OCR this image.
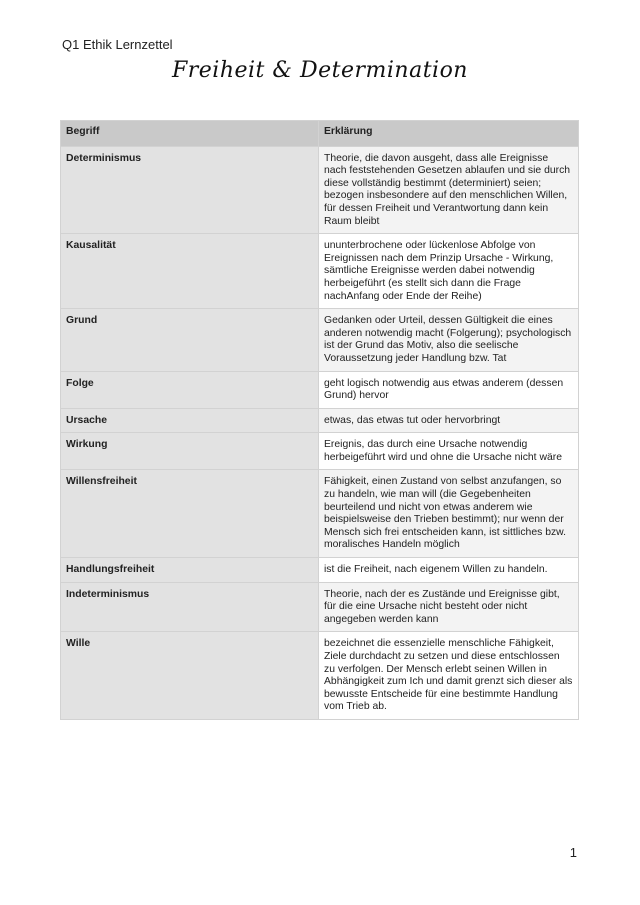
Q1 Ethik Lernzettel
Freiheit & Determination
Begriff	Erklärung
Determinismus	Theorie, die davon ausgeht, dass alle Ereignisse nach feststehenden Gesetzen ablaufen und sie durch diese vollständig bestimmt (determiniert) seien; bezogen insbesondere auf den menschlichen Willen, für dessen Freiheit und Verantwortung dann kein Raum bleibt
Kausalität	ununterbrochene oder lückenlose Abfolge von Ereignissen nach dem Prinzip Ursache - Wirkung, sämtliche Ereignisse werden dabei notwendig herbeigeführt (es stellt sich dann die Frage nachAnfang oder Ende der Reihe)
Grund	Gedanken oder Urteil, dessen Gültigkeit die eines anderen notwendig macht (Folgerung); psychologisch ist der Grund das Motiv, also die seelische Voraussetzung jeder Handlung bzw. Tat
Folge	geht logisch notwendig aus etwas anderem (dessen Grund) hervor
Ursache	etwas, das etwas tut oder hervorbringt
Wirkung	Ereignis, das durch eine Ursache notwendig herbeigeführt wird und ohne die Ursache nicht wäre
Willensfreiheit	Fähigkeit, einen Zustand von selbst anzufangen, so zu handeln, wie man will (die Gegebenheiten beurteilend und nicht von etwas anderem wie beispielsweise den Trieben bestimmt); nur wenn der Mensch sich frei entscheiden kann, ist sittliches bzw. moralisches Handeln möglich
Handlungsfreiheit	ist die Freiheit, nach eigenem Willen zu handeln.
Indeterminismus	Theorie, nach der es Zustände und Ereignisse gibt, für die eine Ursache nicht besteht oder nicht angegeben werden kann
Wille	bezeichnet die essenzielle menschliche Fähigkeit, Ziele durchdacht zu setzen und diese entschlossen zu verfolgen. Der Mensch erlebt seinen Willen in Abhängigkeit zum Ich und damit grenzt sich dieser als bewusste Entscheide für eine bestimmte Handlung vom Trieb ab.
1
